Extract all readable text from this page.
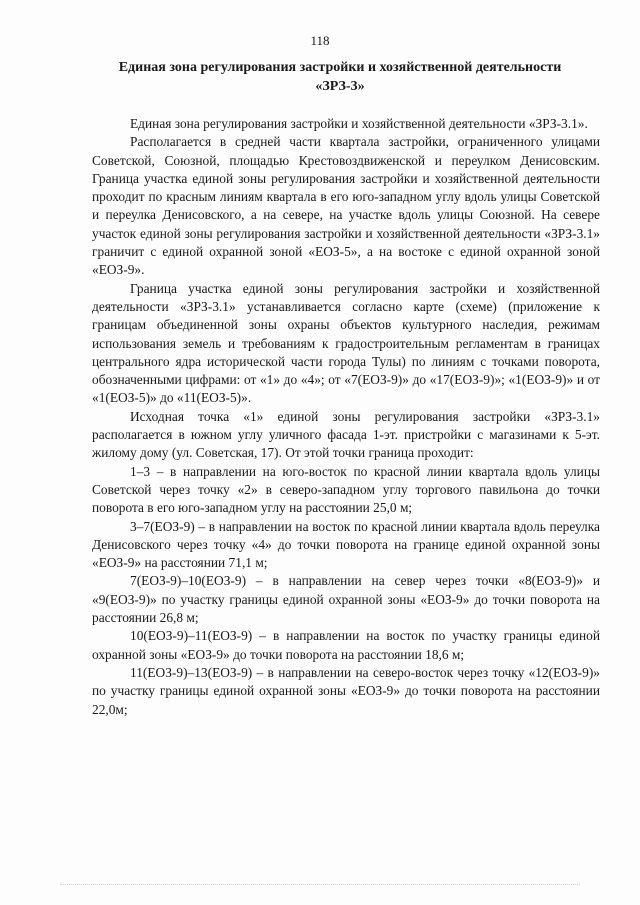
118
Единая зона регулирования застройки и хозяйственной деятельности
«ЗРЗ-3»

Единая зона регулирования застройки и хозяйственной деятельности «ЗРЗ-3.1».

Располагается в средней части квартала застройки, ограниченного улицами Советской, Союзной, площадью Крестовоздвиженской и переулком Денисовским. Граница участка единой зоны регулирования застройки и хозяйственной деятельности проходит по красным линиям квартала в его юго-западном углу вдоль улицы Советской и переулка Денисовского, а на севере, на участке вдоль улицы Союзной. На севере участок единой зоны регулирования застройки и хозяйственной деятельности «ЗРЗ-3.1» граничит с единой охранной зоной «ЕОЗ-5», а на востоке с единой охранной зоной «ЕОЗ-9».

Граница участка единой зоны регулирования застройки и хозяйственной деятельности «ЗРЗ-3.1» устанавливается согласно карте (схеме) (приложение к границам объединенной зоны охраны объектов культурного наследия, режимам использования земель и требованиям к градостроительным регламентам в границах центрального ядра исторической части города Тулы) по линиям с точками поворота, обозначенными цифрами: от «1» до «4»; от «7(ЕОЗ-9)» до «17(ЕОЗ-9)»; «1(ЕОЗ-9)» и от «1(ЕОЗ-5)» до «11(ЕОЗ-5)».

Исходная точка «1» единой зоны регулирования застройки «ЗРЗ-3.1» располагается в южном углу уличного фасада 1-эт. пристройки с магазинами к 5-эт. жилому дому (ул. Советская, 17). От этой точки граница проходит:

1–3 – в направлении на юго-восток по красной линии квартала вдоль улицы Советской через точку «2» в северо-западном углу торгового павильона до точки поворота в его юго-западном углу на расстоянии 25,0 м;

3–7(ЕОЗ-9) – в направлении на восток по красной линии квартала вдоль переулка Денисовского через точку «4» до точки поворота на границе единой охранной зоны «ЕОЗ-9» на расстоянии 71,1 м;

7(ЕОЗ-9)–10(ЕОЗ-9) – в направлении на север через точки «8(ЕОЗ-9)» и «9(ЕОЗ-9)» по участку границы единой охранной зоны «ЕОЗ-9» до точки поворота на расстоянии 26,8 м;

10(ЕОЗ-9)–11(ЕОЗ-9) – в направлении на восток по участку границы единой охранной зоны «ЕОЗ-9» до точки поворота на расстоянии 18,6 м;

11(ЕОЗ-9)–13(ЕОЗ-9) – в направлении на северо-восток через точку «12(ЕОЗ-9)» по участку границы единой охранной зоны «ЕОЗ-9» до точки поворота на расстоянии 22,0м;
